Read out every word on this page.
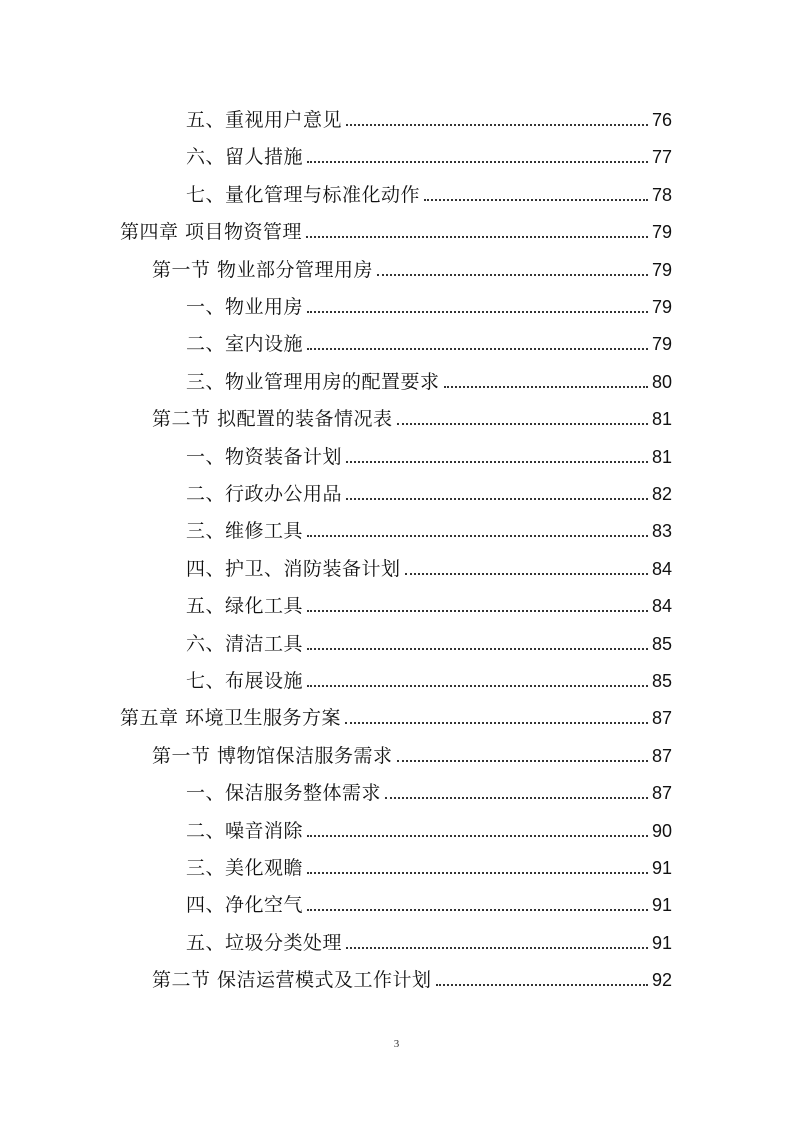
五、重视用户意见	76
六、留人措施	77
七、量化管理与标准化动作	78
第四章 项目物资管理	79
第一节 物业部分管理用房	79
一、物业用房	79
二、室内设施	79
三、物业管理用房的配置要求	80
第二节 拟配置的装备情况表	81
一、物资装备计划	81
二、行政办公用品	82
三、维修工具	83
四、护卫、消防装备计划	84
五、绿化工具	84
六、清洁工具	85
七、布展设施	85
第五章 环境卫生服务方案	87
第一节 博物馆保洁服务需求	87
一、保洁服务整体需求	87
二、噪音消除	90
三、美化观瞻	91
四、净化空气	91
五、垃圾分类处理	91
第二节 保洁运营模式及工作计划	92
3
